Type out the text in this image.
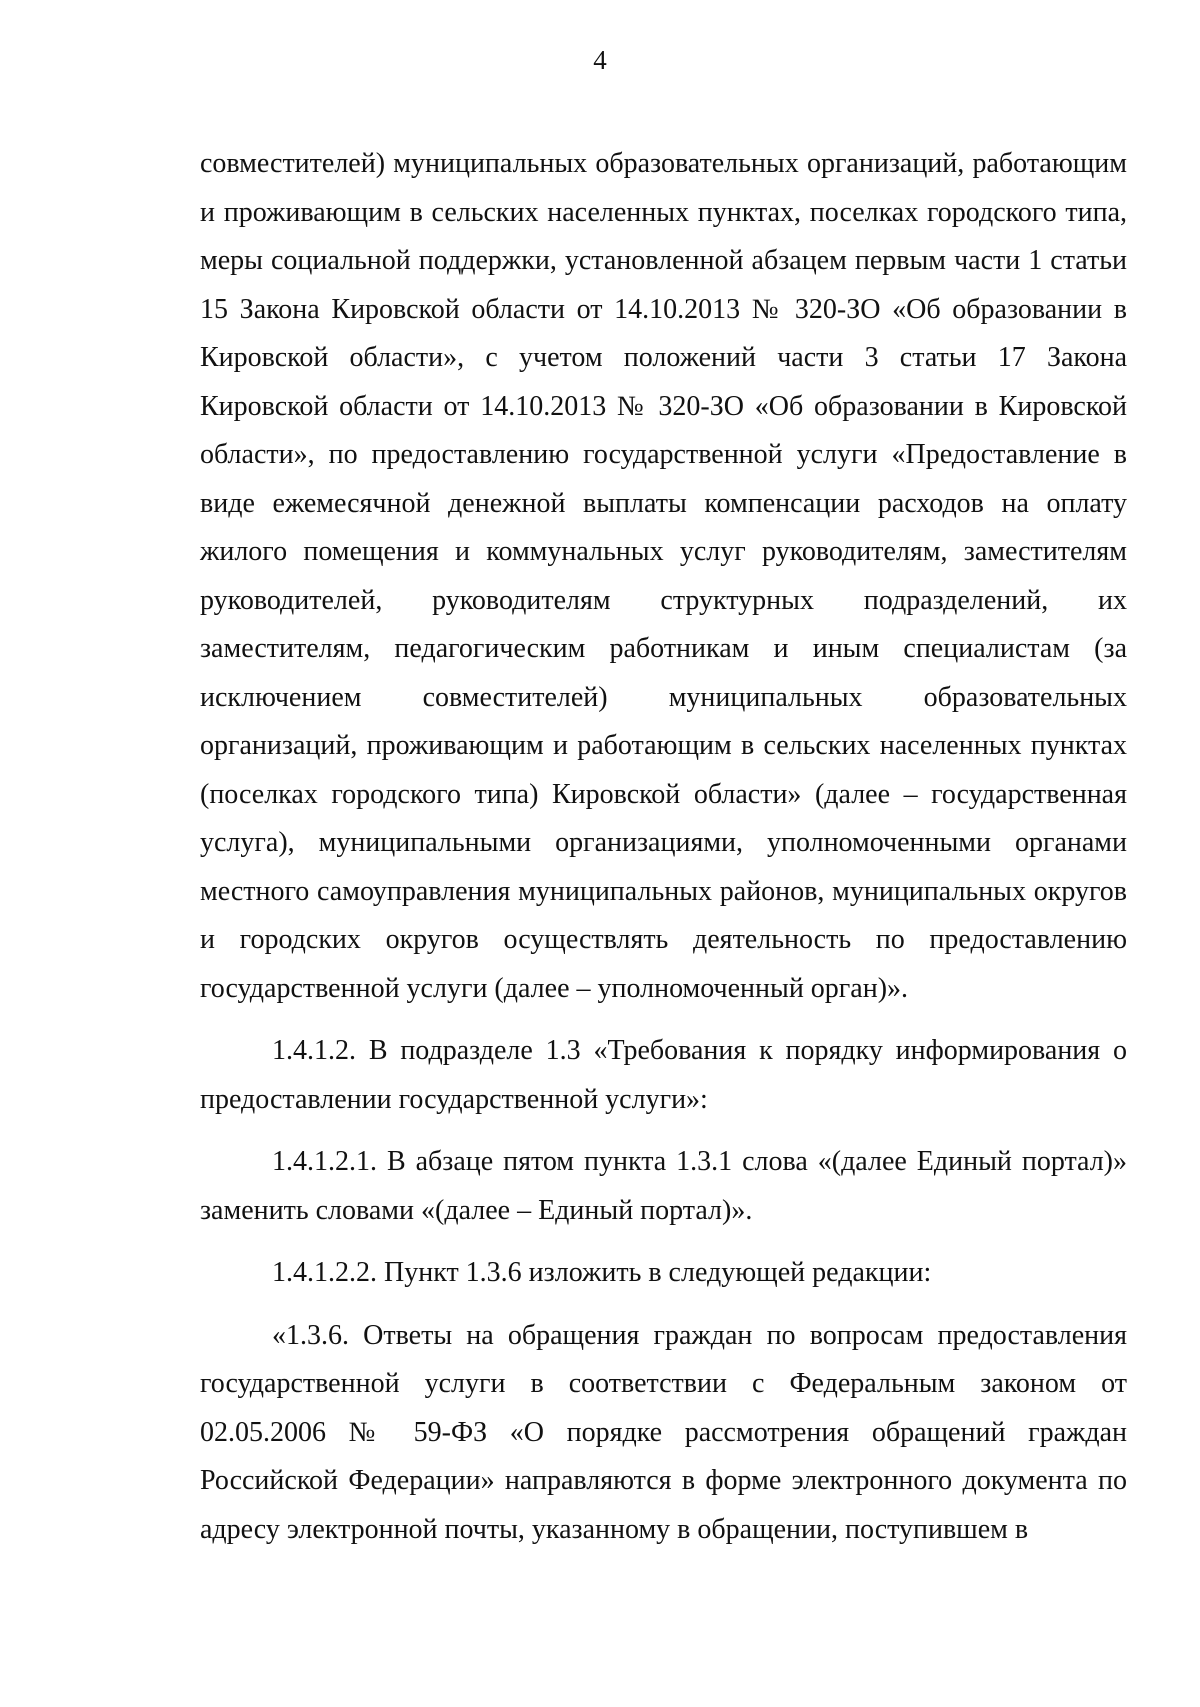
4

совместителей) муниципальных образовательных организаций, работающим и проживающим в сельских населенных пунктах, поселках городского типа, меры социальной поддержки, установленной абзацем первым части 1 статьи 15 Закона Кировской области от 14.10.2013 № 320-ЗО «Об образовании в Кировской области», с учетом положений части 3 статьи 17 Закона Кировской области от 14.10.2013 № 320-ЗО «Об образовании в Кировской области», по предоставлению государственной услуги «Предоставление в виде ежемесячной денежной выплаты компенсации расходов на оплату жилого помещения и коммунальных услуг руководителям, заместителям руководителей, руководителям структурных подразделений, их заместителям, педагогическим работникам и иным специалистам (за исключением совместителей) муниципальных образовательных организаций, проживающим и работающим в сельских населенных пунктах (поселках городского типа) Кировской области» (далее – государственная услуга), муниципальными организациями, уполномоченными органами местного самоуправления муниципальных районов, муниципальных округов и городских округов осуществлять деятельность по предоставлению государственной услуги (далее – уполномоченный орган)».

1.4.1.2. В подразделе 1.3 «Требования к порядку информирования о предоставлении государственной услуги»:

1.4.1.2.1. В абзаце пятом пункта 1.3.1 слова «(далее Единый портал)» заменить словами «(далее – Единый портал)».

1.4.1.2.2. Пункт 1.3.6 изложить в следующей редакции:

«1.3.6. Ответы на обращения граждан по вопросам предоставления государственной услуги в соответствии с Федеральным законом от 02.05.2006 № 59-ФЗ «О порядке рассмотрения обращений граждан Российской Федерации» направляются в форме электронного документа по адресу электронной почты, указанному в обращении, поступившем в
